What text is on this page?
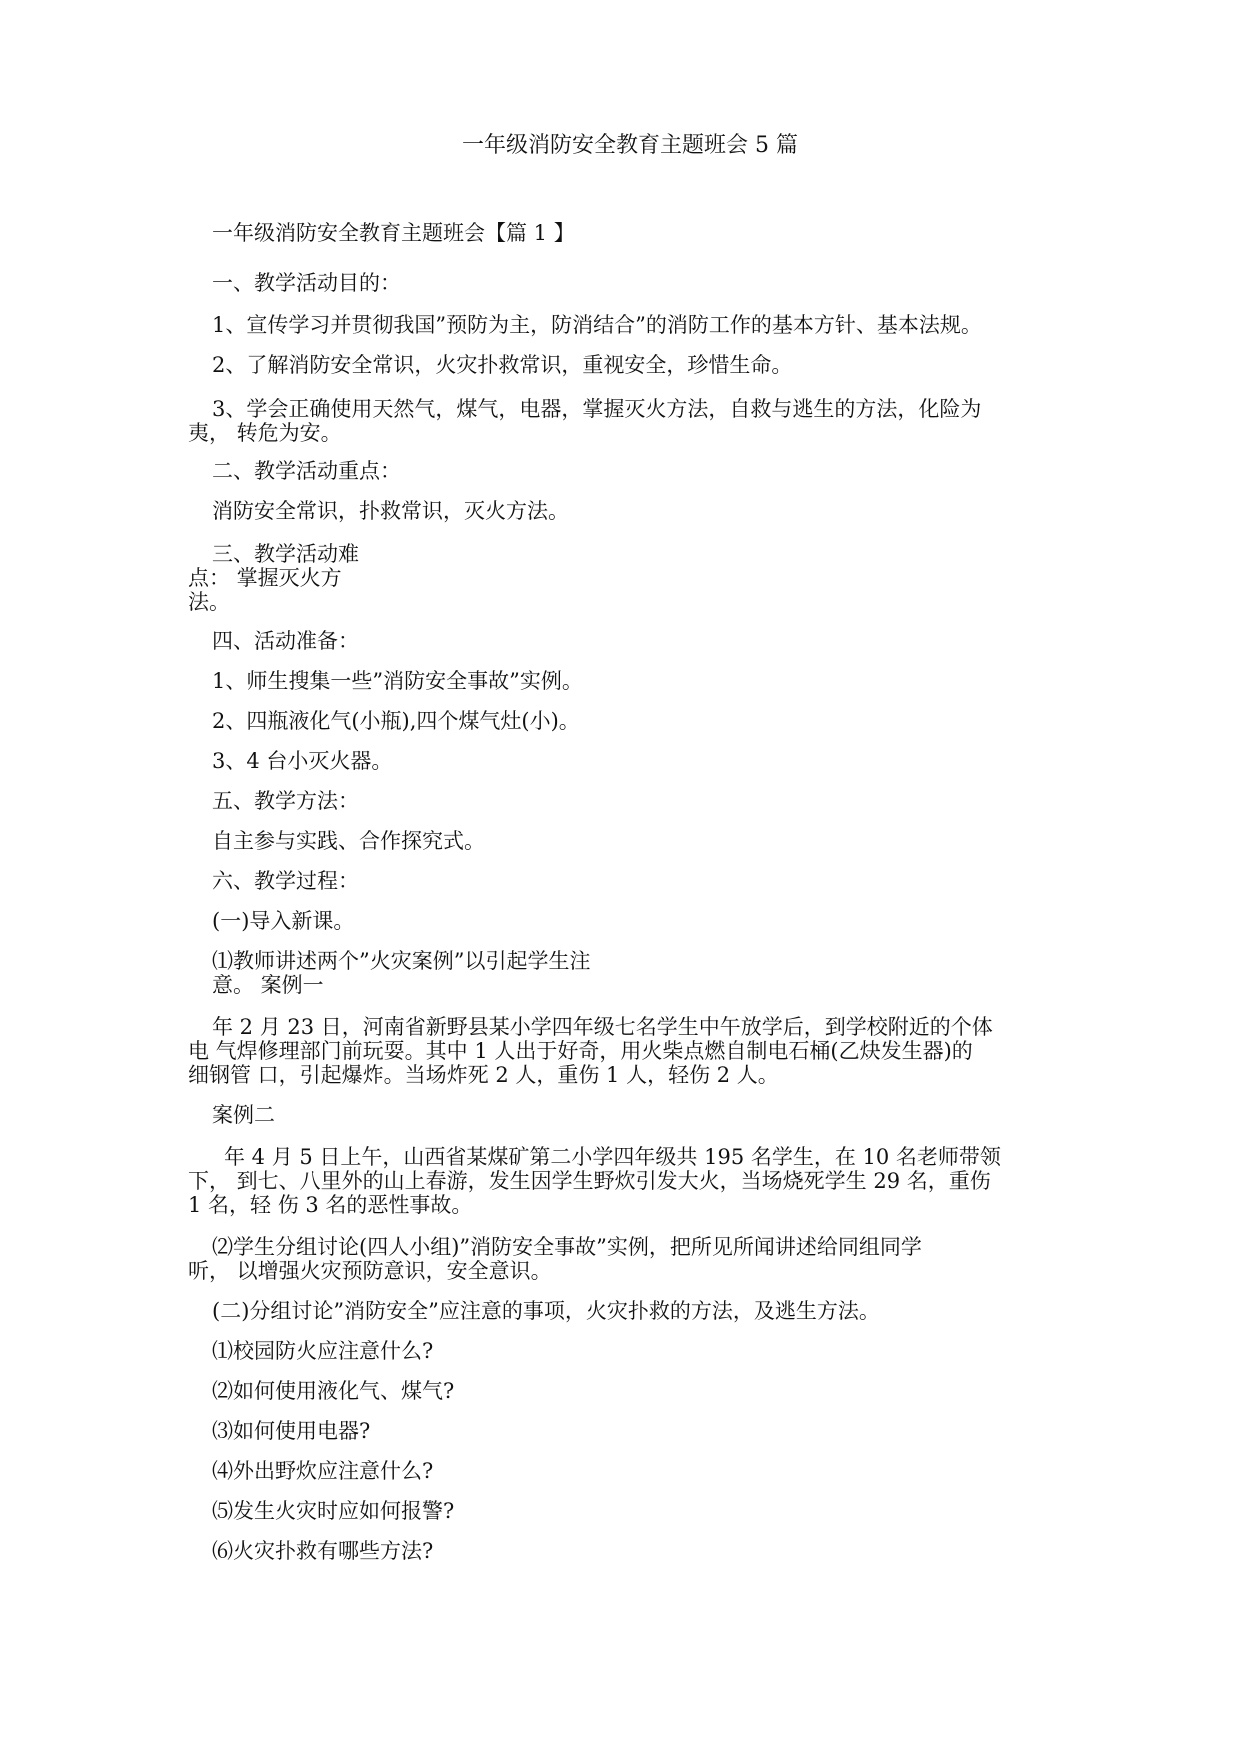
一年级消防安全教育主题班会 5 篇

一年级消防安全教育主题班会【篇 1 】

一、教学活动目的：

1、宣传学习并贯彻我国”预防为主，防消结合”的消防工作的基本方针、基本法规。

2、了解消防安全常识，火灾扑救常识，重视安全，珍惜生命。

3、学会正确使用天然气，煤气，电器，掌握灭火方法，自救与逃生的方法，化险为

夷， 转危为安。

二、教学活动重点：

消防安全常识，扑救常识，灭火方法。

三、教学活动难

点： 掌握灭火方

法。

四、活动准备：

1、师生搜集一些”消防安全事故”实例。

2、四瓶液化气(小瓶),四个煤气灶(小)。

3、4 台小灭火器。

五、教学方法：

自主参与实践、合作探究式。

六、教学过程：

(一)导入新课。

⑴教师讲述两个”火灾案例”以引起学生注

意。 案例一

年 2 月 23 日，河南省新野县某小学四年级七名学生中午放学后，到学校附近的个体

电 气焊修理部门前玩耍。其中 1 人出于好奇，用火柴点燃自制电石桶(乙炔发生器)的

细钢管 口，引起爆炸。当场炸死 2 人，重伤 1 人，轻伤 2 人。

案例二

年 4 月 5 日上午，山西省某煤矿第二小学四年级共 195 名学生，在 10 名老师带领

下， 到七、八里外的山上春游，发生因学生野炊引发大火，当场烧死学生 29 名，重伤

1 名，轻 伤 3 名的恶性事故。

⑵学生分组讨论(四人小组)”消防安全事故”实例，把所见所闻讲述给同组同学

听， 以增强火灾预防意识，安全意识。

(二)分组讨论”消防安全”应注意的事项，火灾扑救的方法，及逃生方法。

⑴校园防火应注意什么?

⑵如何使用液化气、煤气?

⑶如何使用电器?

⑷外出野炊应注意什么?

⑸发生火灾时应如何报警?

⑹火灾扑救有哪些方法?
